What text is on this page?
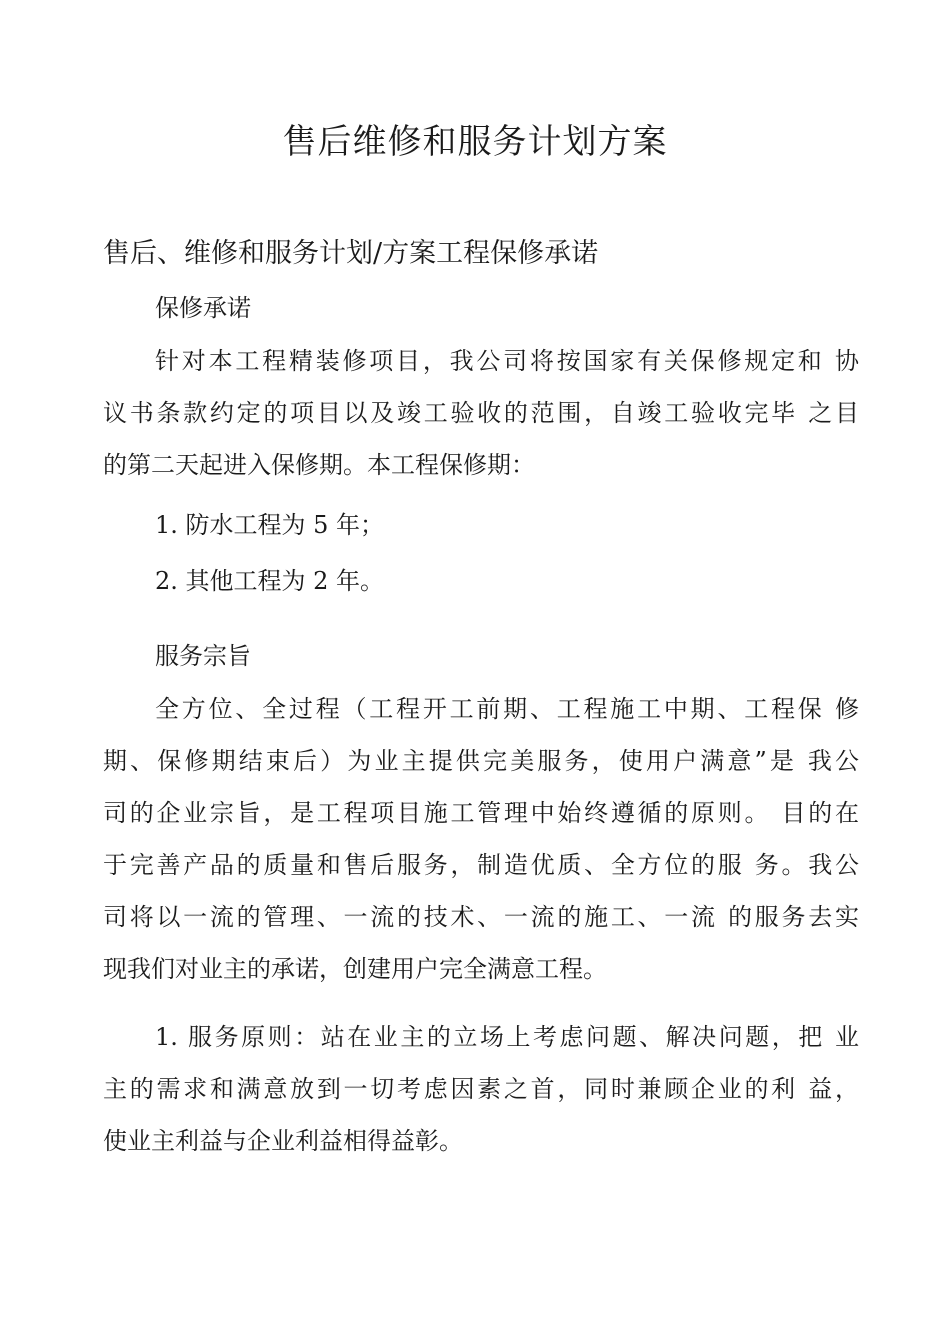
售后维修和服务计划方案
售后、维修和服务计划/方案工程保修承诺

保修承诺

针对本工程精装修项目，我公司将按国家有关保修规定和 协
议书条款约定的项目以及竣工验收的范围，自竣工验收完毕 之目
的第二天起进入保修期。本工程保修期：

1. 防水工程为 5 年；

2. 其他工程为 2 年。

服务宗旨

全方位、全过程（工程开工前期、工程施工中期、工程保 修
期、保修期结束后）为业主提供完美服务，使用户满意”是 我公
司的企业宗旨，是工程项目施工管理中始终遵循的原则。 目的在
于完善产品的质量和售后服务，制造优质、全方位的服 务。我公
司将以一流的管理、一流的技术、一流的施工、一流 的服务去实
现我们对业主的承诺，创建用户完全满意工程。
1. 服务原则：站在业主的立场上考虑问题、解决问题，把 业
主的需求和满意放到一切考虑因素之首，同时兼顾企业的利 益，
使业主利益与企业利益相得益彰。
